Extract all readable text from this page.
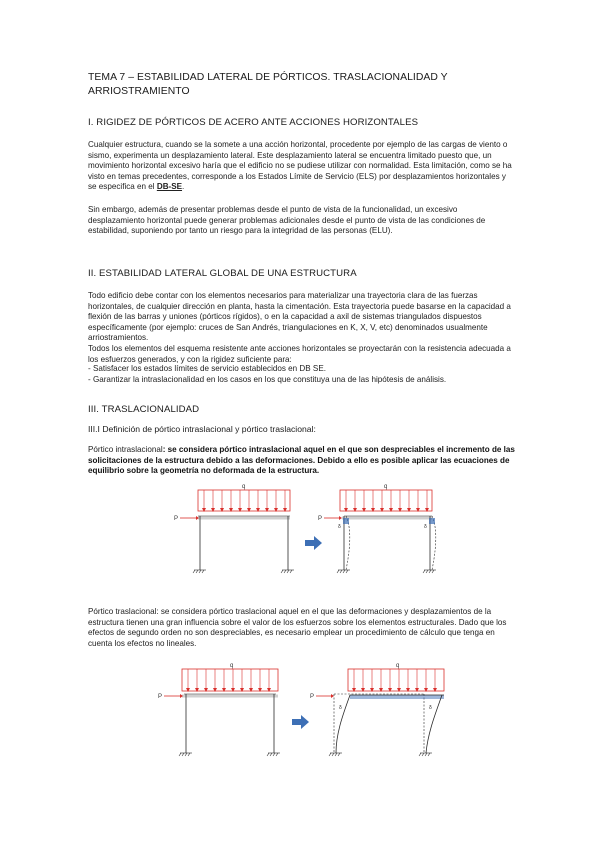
TEMA 7 – ESTABILIDAD LATERAL DE PÓRTICOS. TRASLACIONALIDAD Y ARRIOSTRAMIENTO
I. RIGIDEZ DE PÓRTICOS DE ACERO ANTE ACCIONES HORIZONTALES
Cualquier estructura, cuando se la somete a una acción horizontal, procedente por ejemplo de las cargas de viento o sismo, experimenta un desplazamiento lateral. Este desplazamiento lateral se encuentra limitado puesto que, un movimiento horizontal excesivo haría que el edificio no se pudiese utilizar con normalidad. Esta limitación, como se ha visto en temas precedentes, corresponde a los Estados Límite de Servicio (ELS) por desplazamientos horizontales y se especifica en el DB-SE.
Sin embargo, además de presentar problemas desde el punto de vista de la funcionalidad, un excesivo desplazamiento horizontal puede generar problemas adicionales desde el punto de vista de las condiciones de estabilidad, suponiendo por tanto un riesgo para la integridad de las personas (ELU).
II. ESTABILIDAD LATERAL GLOBAL DE UNA ESTRUCTURA
Todo edificio debe contar con los elementos necesarios para materializar una trayectoria clara de las fuerzas horizontales, de cualquier dirección en planta, hasta la cimentación. Esta trayectoria puede basarse en la capacidad a flexión de las barras y uniones (pórticos rígidos), o en la capacidad a axil de sistemas triangulados dispuestos específicamente (por ejemplo: cruces de San Andrés, triangulaciones en K, X, V, etc) denominados usualmente arriostramientos.
Todos los elementos del esquema resistente ante acciones horizontales se proyectarán con la resistencia adecuada a los esfuerzos generados, y con la rigidez suficiente para:
- Satisfacer los estados límites de servicio establecidos en DB SE.
- Garantizar la intraslacionalidad en los casos en los que constituya una de las hipótesis de análisis.
III. TRASLACIONALIDAD
III.I Definición de pórtico intraslacional y pórtico traslacional:
Pórtico intraslacional: se considera pórtico intraslacional aquel en el que son despreciables el incremento de las solicitaciones de la estructura debido a las deformaciones. Debido a ello es posible aplicar las ecuaciones de equilibrio sobre la geometría no deformada de la estructura.
q
P
q
δ	δ
P
Pórtico traslacional: se considera pórtico traslacional aquel en el que las deformaciones y desplazamientos de la estructura tienen una gran influencia sobre el valor de los esfuerzos sobre los elementos estructurales. Dado que los efectos de segundo orden no son despreciables, es necesario emplear un procedimiento de cálculo que tenga en cuenta los efectos no lineales.
q
P
q
δ	δ
P
